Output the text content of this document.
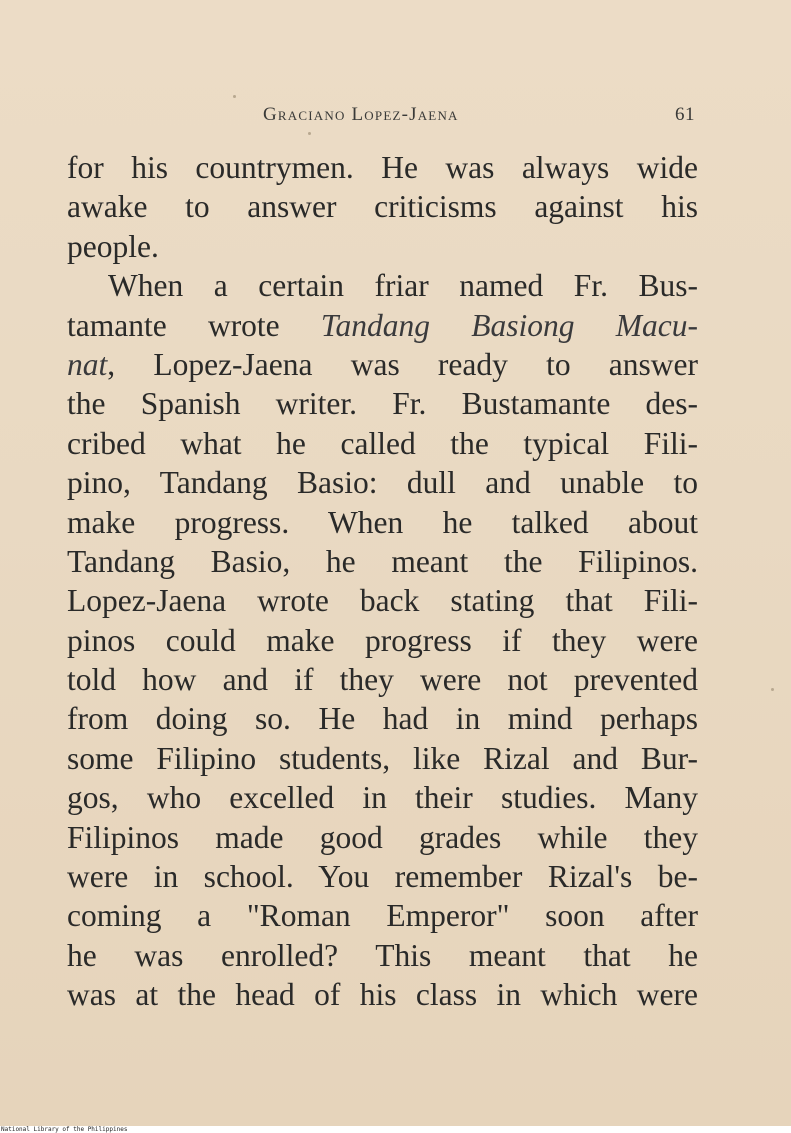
Graciano Lopez-Jaena	61
for his countrymen. He was always wide
awake to answer criticisms against his
people.
When a certain friar named Fr. Bus-
tamante wrote Tandang Basiong Macu-
nat, Lopez-Jaena was ready to answer
the Spanish writer. Fr. Bustamante des-
cribed what he called the typical Fili-
pino, Tandang Basio: dull and unable to
make progress. When he talked about
Tandang Basio, he meant the Filipinos.
Lopez-Jaena wrote back stating that Fili-
pinos could make progress if they were
told how and if they were not prevented
from doing so. He had in mind perhaps
some Filipino students, like Rizal and Bur-
gos, who excelled in their studies. Many
Filipinos made good grades while they
were in school. You remember Rizal's be-
coming a "Roman Emperor" soon after
he was enrolled? This meant that he
was at the head of his class in which were
National Library of the Philippines
